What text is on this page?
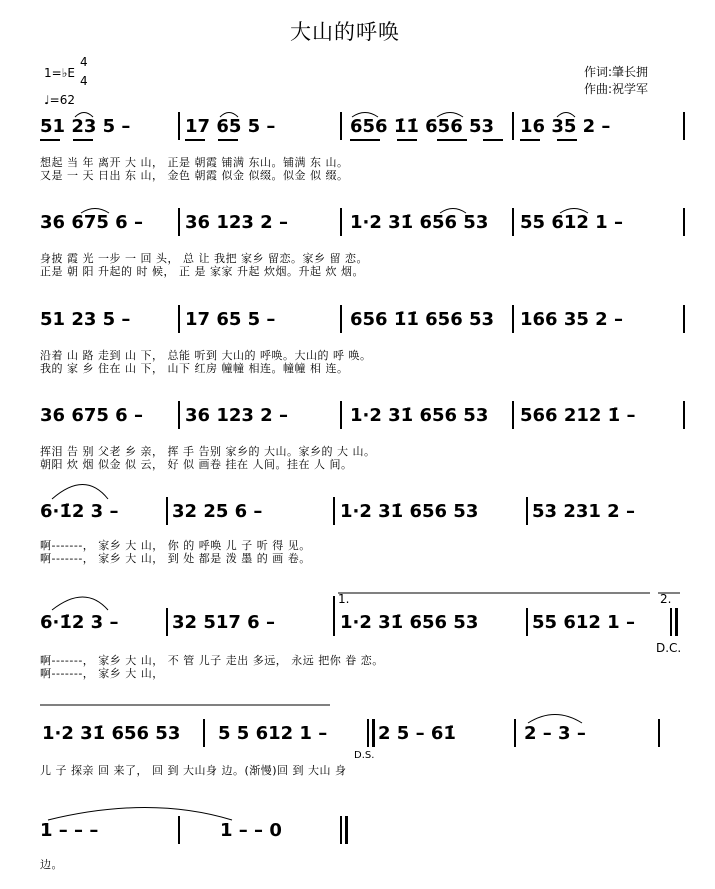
大山的呼唤
1=♭E
4
4
♩=62
作词:肇长拥
作曲:祝学军
51 23 5 –	17 65 5 –	656 1̇1̇ 656 53 16 35 2 –
想起 当 年 离开 大 山， 正是 朝霞 铺满 东山。铺满 东 山。
又是 一 天 日出 东 山， 金色 朝霞 似金 似缀。似金 似 缀。
36 675 6 – 36 123 2 –	1·2 31̇ 656 53 55 612 1 –
身披 霞 光 一步 一 回 头， 总 让 我把 家乡 留恋。家乡 留 恋。
正是 朝 阳 升起的 时 候， 正 是 家家 升起 炊烟。升起 炊 烟。
51 23 5 –	17 65 5 –	656 1̇1̇ 656 53 166 35 2 –
沿着 山 路 走到 山 下， 总能 听到 大山的 呼唤。大山的 呼 唤。
我的 家 乡 住在 山 下， 山下 红房 幢幢 相连。幢幢 相 连。
36 675 6 – 36 123 2 –	1·2 31̇ 656 53 566 212 1̇ –
挥泪 告 别 父老 乡 亲， 挥 手 告别 家乡的 大山。家乡的 大 山。
朝阳 炊 烟 似金 似 云， 好 似 画卷 挂在 人间。挂在 人 间。
6·1̇2 3 –	32 25 6 –	1·2 31̇ 656 53	53 231 2 –
啊-------， 家乡 大 山， 你 的 呼唤 儿 子 听 得 见。
啊-------， 家乡 大 山， 到 处 都是 泼 墨 的 画 卷。
1.	2.
6·1̇2 3 –	32 517 6 –	1·2 31̇ 656 53	55 612 1 –
D.C.
啊-------， 家乡 大 山， 不 管 儿子 走出 多远， 永远 把你 眷 恋。
啊-------， 家乡 大 山，
1·2 31̇ 656 53 5 5 612 1 –	2 5 – 61̇	2 – 3 –
D.S.
儿 子 探亲 回 来了， 回 到 大山身 边。(渐慢)回 到 大山 身
1 – – –	1 – – 0
边。
